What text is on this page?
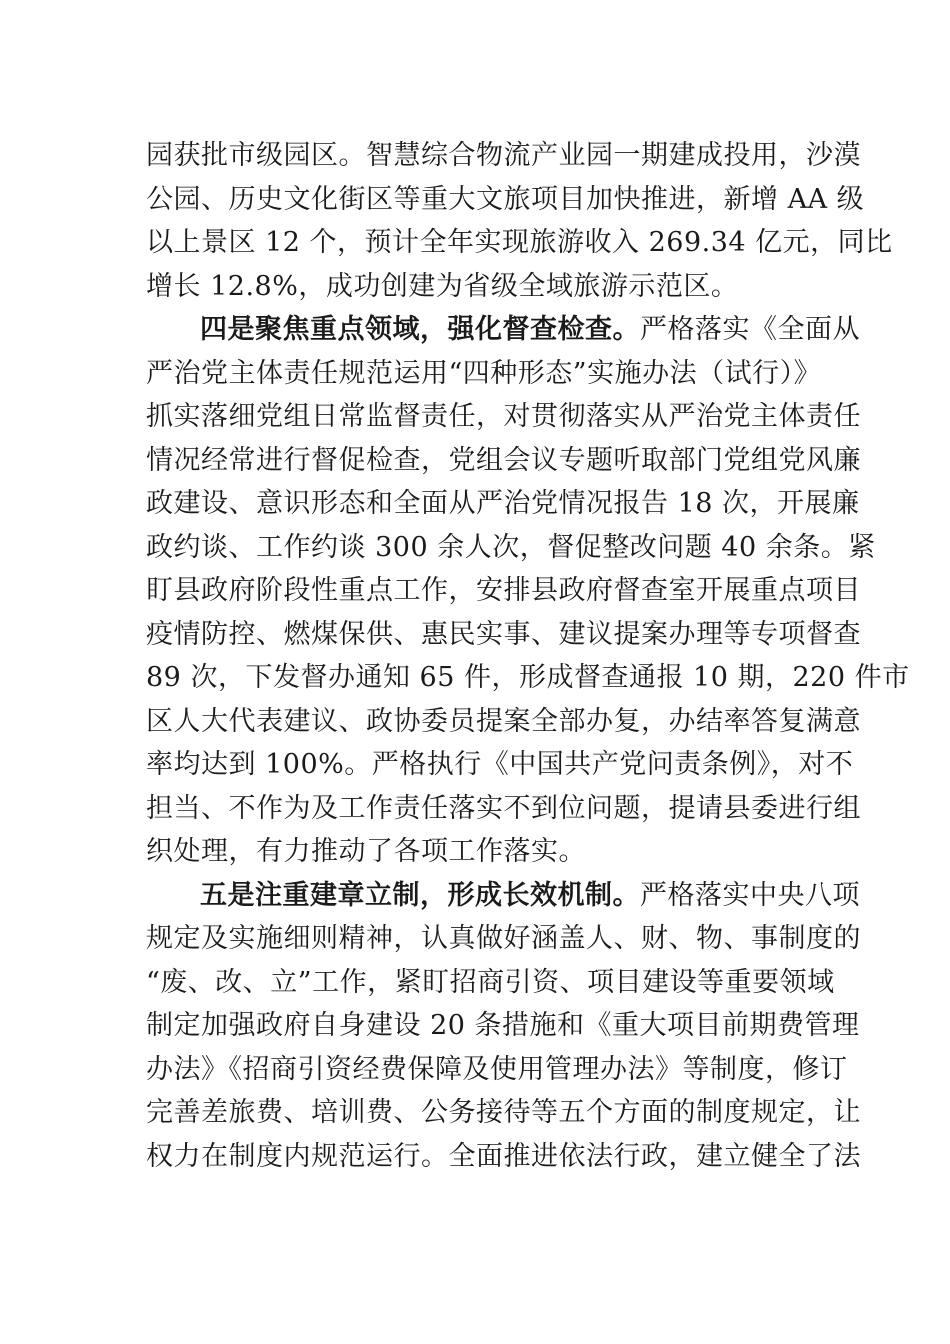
园获批市级园区。智慧综合物流产业园一期建成投用，沙漠
公园、历史文化街区等重大文旅项目加快推进，新增 AA 级
以上景区 12 个，预计全年实现旅游收入 269.34 亿元，同比
增长 12.8%，成功创建为省级全域旅游示范区。
四是聚焦重点领域，强化督查检查。严格落实《全面从
严治党主体责任规范运用“四种形态”实施办法（试行）》
抓实落细党组日常监督责任，对贯彻落实从严治党主体责任
情况经常进行督促检查，党组会议专题听取部门党组党风廉
政建设、意识形态和全面从严治党情况报告 18 次，开展廉
政约谈、工作约谈 300 余人次，督促整改问题 40 余条。紧
盯县政府阶段性重点工作，安排县政府督查室开展重点项目
疫情防控、燃煤保供、惠民实事、建议提案办理等专项督查
89 次，下发督办通知 65 件，形成督查通报 10 期，220 件市
区人大代表建议、政协委员提案全部办复，办结率答复满意
率均达到 100%。严格执行《中国共产党问责条例》，对不
担当、不作为及工作责任落实不到位问题，提请县委进行组
织处理，有力推动了各项工作落实。
五是注重建章立制，形成长效机制。严格落实中央八项
规定及实施细则精神，认真做好涵盖人、财、物、事制度的
“废、改、立”工作，紧盯招商引资、项目建设等重要领域
制定加强政府自身建设 20 条措施和《重大项目前期费管理
办法》《招商引资经费保障及使用管理办法》等制度，修订
完善差旅费、培训费、公务接待等五个方面的制度规定，让
权力在制度内规范运行。全面推进依法行政，建立健全了法
